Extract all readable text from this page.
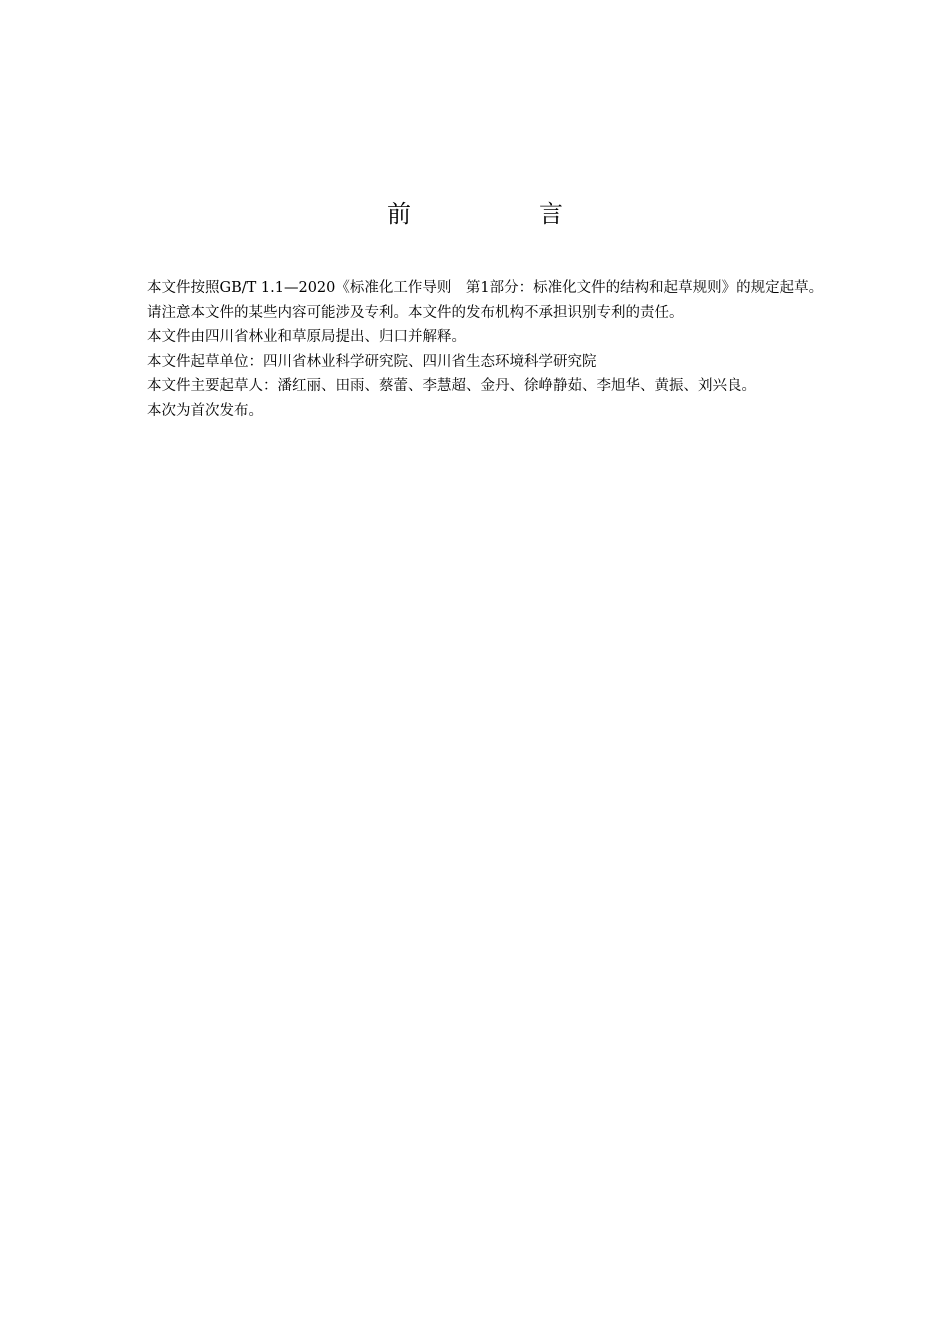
前　言

本文件按照GB/T 1.1—2020《标准化工作导则　第1部分：标准化文件的结构和起草规则》的规定起草。

请注意本文件的某些内容可能涉及专利。本文件的发布机构不承担识别专利的责任。

本文件由四川省林业和草原局提出、归口并解释。

本文件起草单位：四川省林业科学研究院、四川省生态环境科学研究院

本文件主要起草人：潘红丽、田雨、蔡蕾、李慧超、金丹、徐峥静茹、李旭华、黄振、刘兴良。

本次为首次发布。
